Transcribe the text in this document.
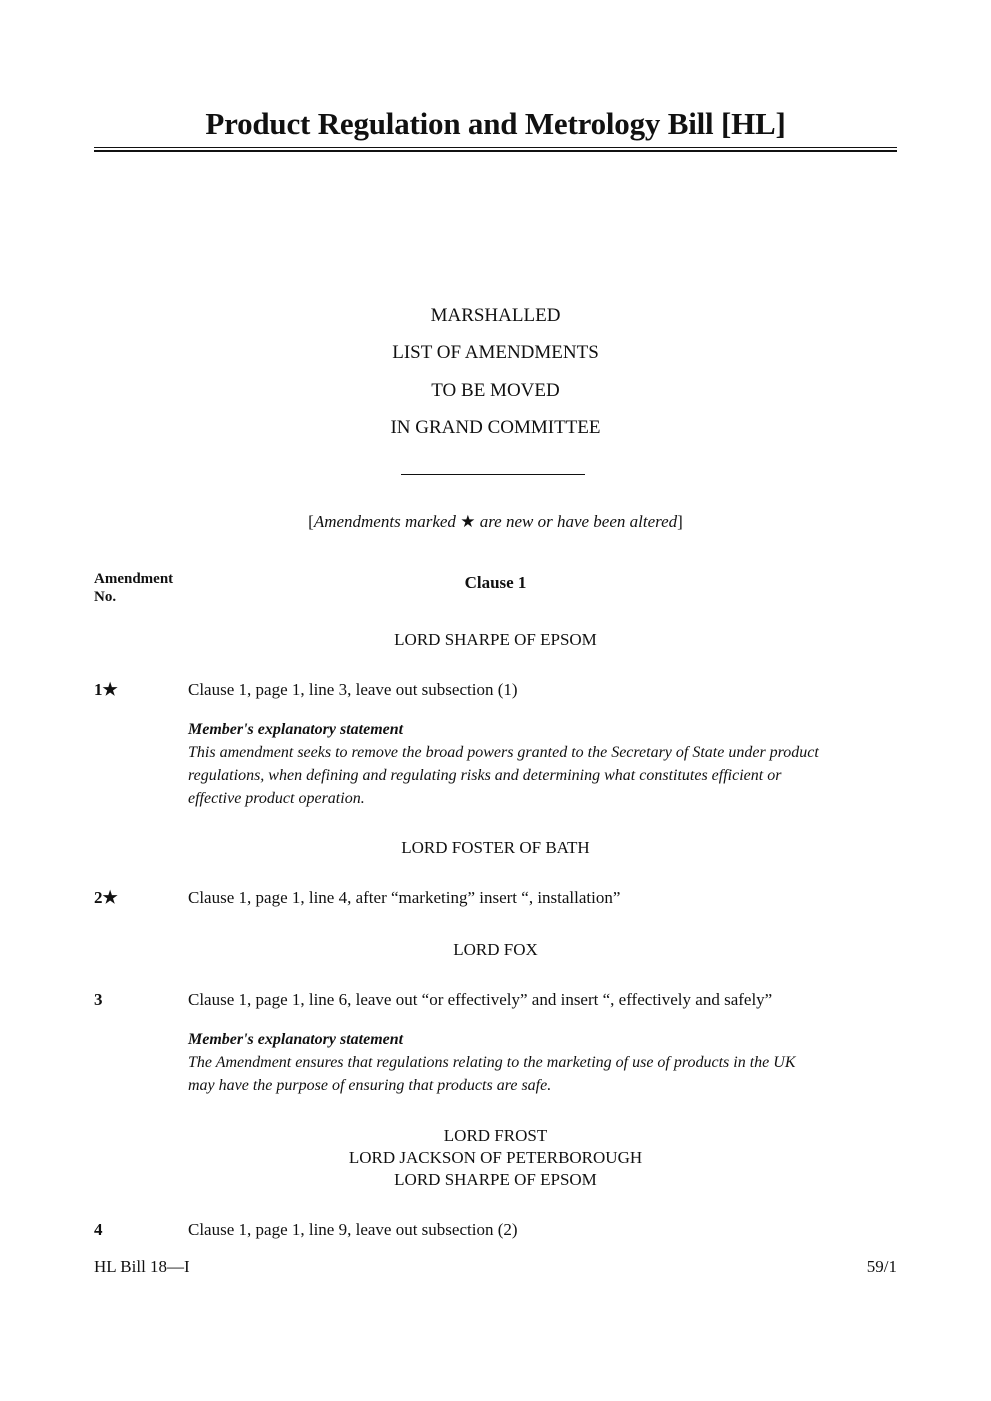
Product Regulation and Metrology Bill [HL]
MARSHALLED
LIST OF AMENDMENTS
TO BE MOVED
IN GRAND COMMITTEE
[Amendments marked ★ are new or have been altered]
Amendment
No.
Clause 1
LORD SHARPE OF EPSOM
1★	Clause 1, page 1, line 3, leave out subsection (1)
Member's explanatory statement
This amendment seeks to remove the broad powers granted to the Secretary of State under product
regulations, when defining and regulating risks and determining what constitutes efficient or
effective product operation.
LORD FOSTER OF BATH
2★	Clause 1, page 1, line 4, after “marketing” insert “, installation”
LORD FOX
3	Clause 1, page 1, line 6, leave out “or effectively” and insert “, effectively and safely”
Member's explanatory statement
The Amendment ensures that regulations relating to the marketing of use of products in the UK
may have the purpose of ensuring that products are safe.
LORD FROST
LORD JACKSON OF PETERBOROUGH
LORD SHARPE OF EPSOM
4	Clause 1, page 1, line 9, leave out subsection (2)
HL Bill 18—I	59/1
